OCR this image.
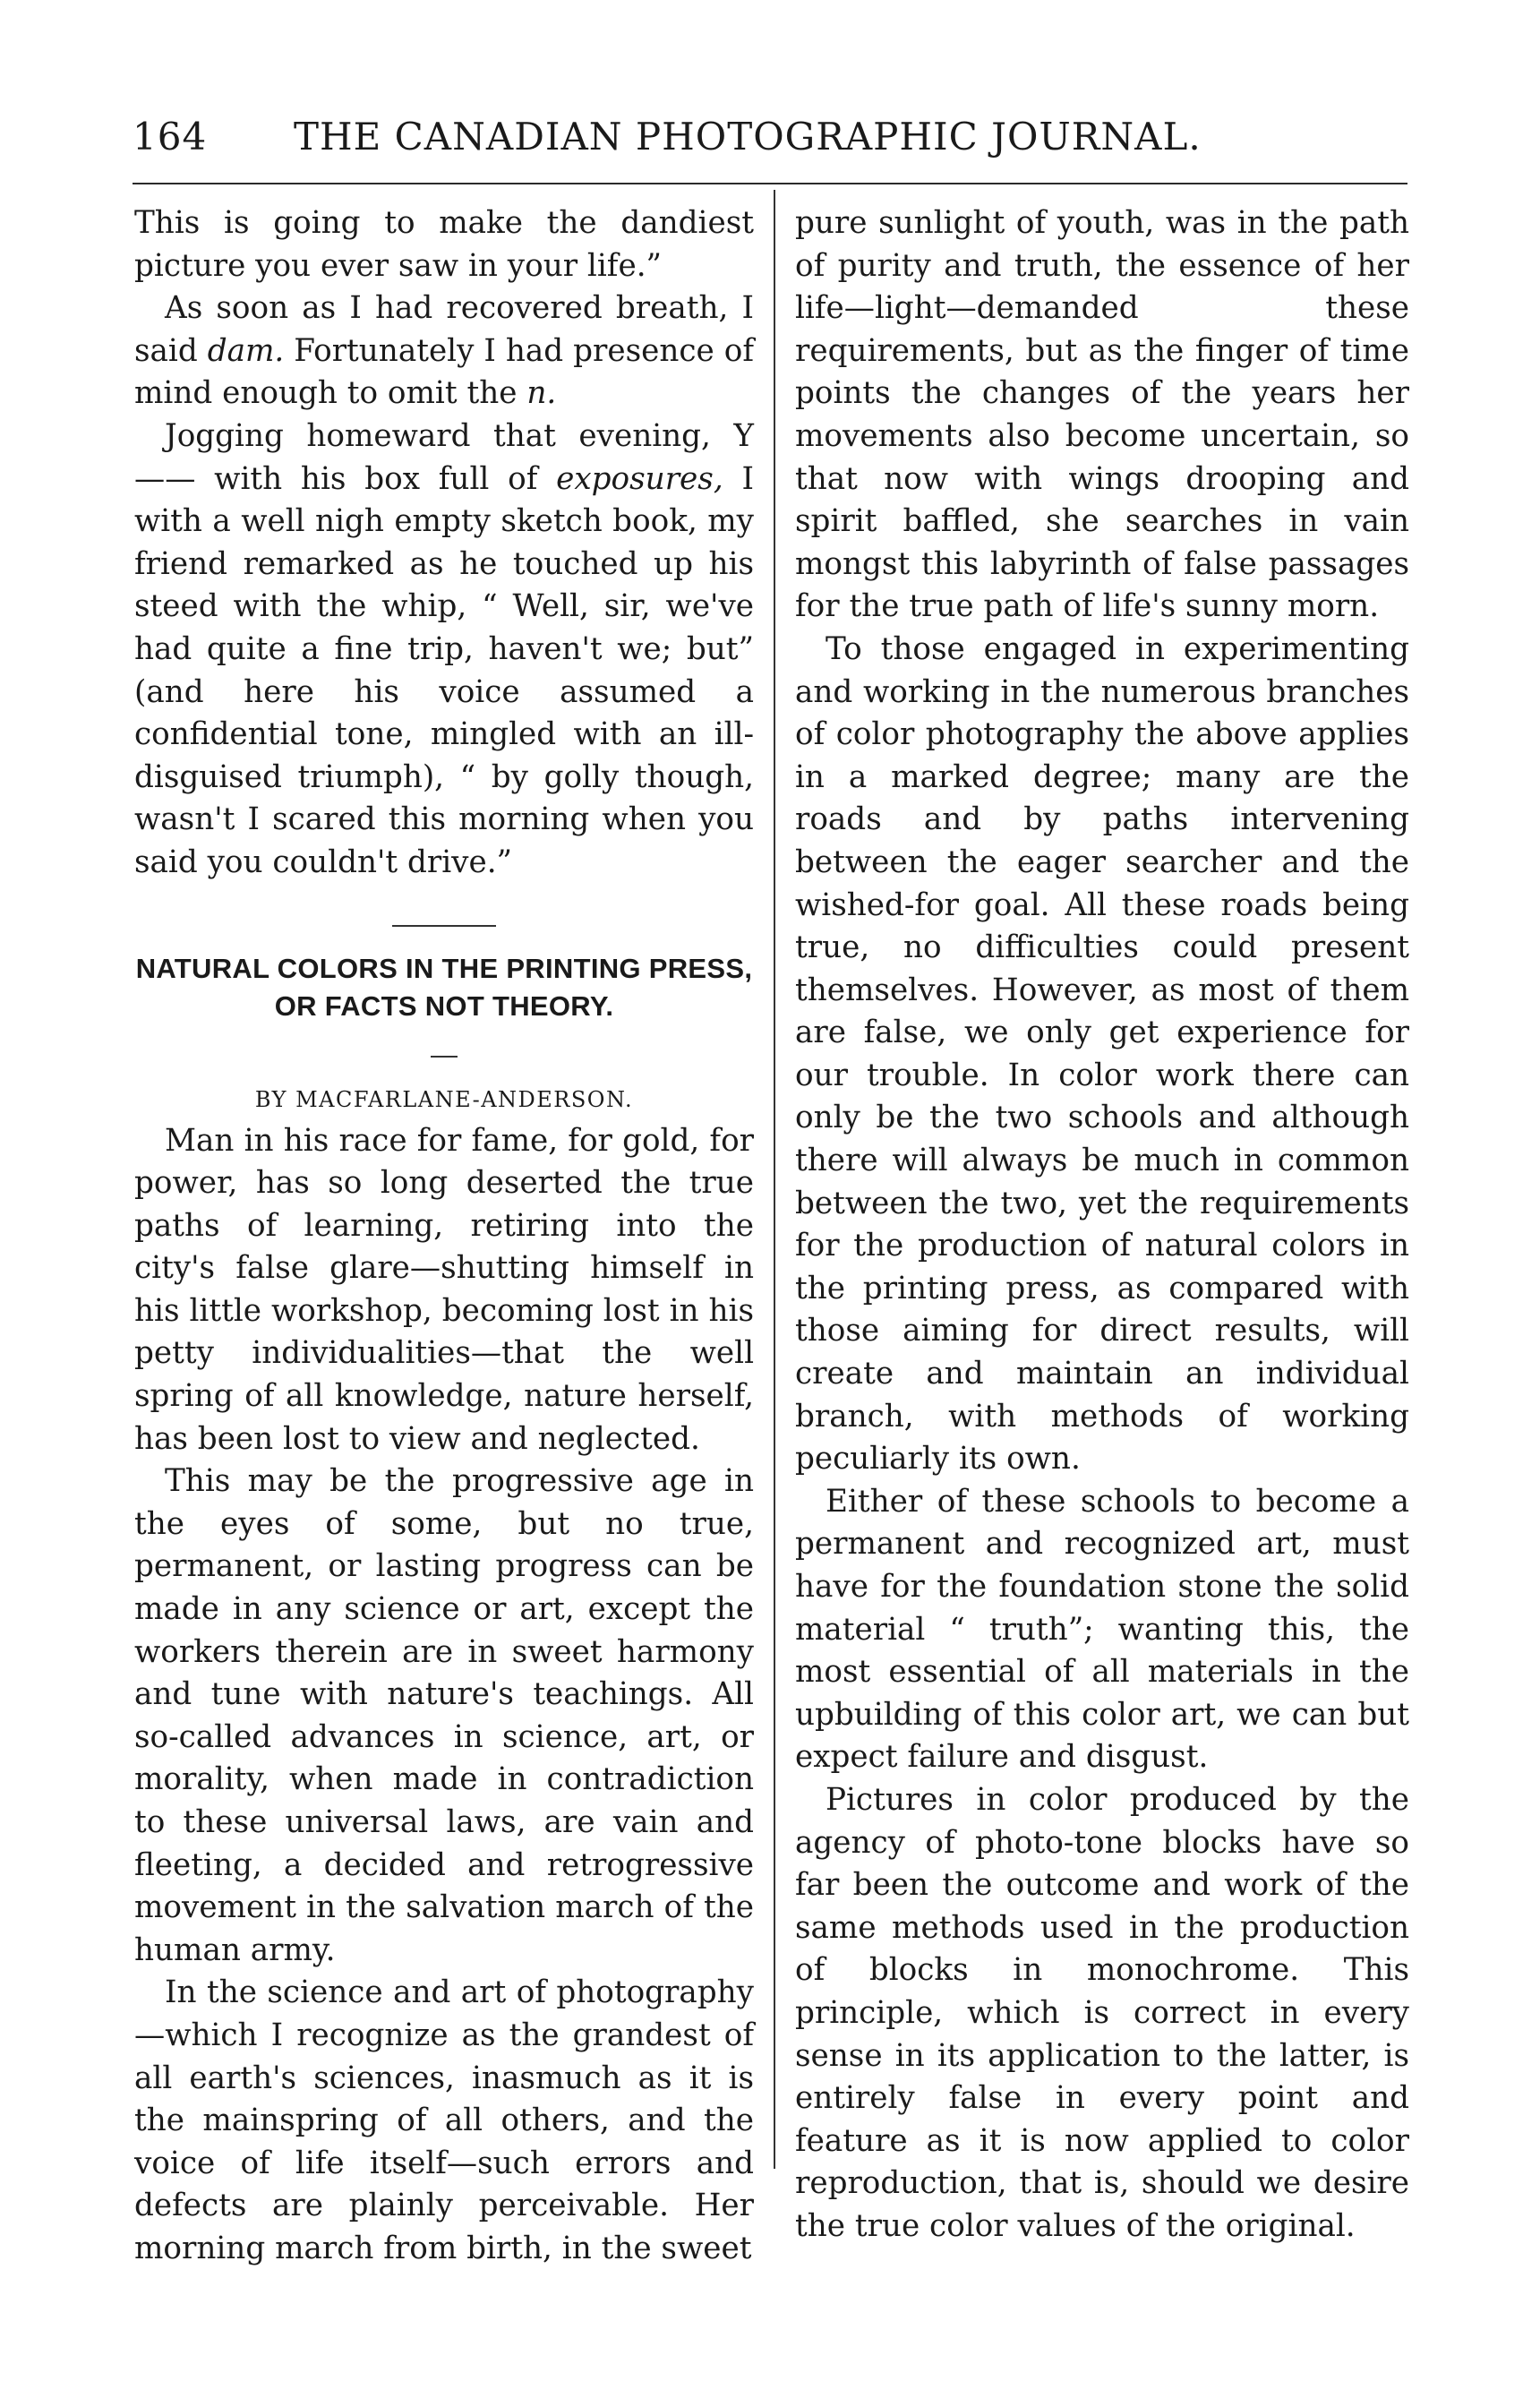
164	THE CANADIAN PHOTOGRAPHIC JOURNAL.

This is going to make the dandiest picture you ever saw in your life.”

As soon as I had recovered breath, I said dam. Fortunately I had presence of mind enough to omit the n.

Jogging homeward that evening, Y—— with his box full of exposures, I with a well nigh empty sketch book, my friend remarked as he touched up his steed with the whip, “ Well, sir, we've had quite a fine trip, haven't we; but” (and here his voice assumed a confidential tone, mingled with an ill-disguised triumph), “ by golly though, wasn't I scared this morning when you said you couldn't drive.”

NATURAL COLORS IN THE PRINTING PRESS, OR FACTS NOT THEORY.
BY MACFARLANE-ANDERSON.

Man in his race for fame, for gold, for power, has so long deserted the true paths of learning, retiring into the city's false glare—shutting himself in his little workshop, becoming lost in his petty individualities—that the well spring of all knowledge, nature herself, has been lost to view and neglected.

This may be the progressive age in the eyes of some, but no true, permanent, or lasting progress can be made in any science or art, except the workers therein are in sweet harmony and tune with nature's teachings. All so-called advances in science, art, or morality, when made in contradiction to these universal laws, are vain and fleeting, a decided and retrogressive movement in the salvation march of the human army.

In the science and art of photography —which I recognize as the grandest of all earth's sciences, inasmuch as it is the mainspring of all others, and the voice of life itself—such errors and defects are plainly perceivable. Her morning march from birth, in the sweet

pure sunlight of youth, was in the path of purity and truth, the essence of her life—light—demanded these requirements, but as the finger of time points the changes of the years her movements also become uncertain, so that now with wings drooping and spirit baffled, she searches in vain mongst this labyrinth of false passages for the true path of life's sunny morn.

To those engaged in experimenting and working in the numerous branches of color photography the above applies in a marked degree; many are the roads and by paths intervening between the eager searcher and the wished-for goal. All these roads being true, no difficulties could present themselves. However, as most of them are false, we only get experience for our trouble. In color work there can only be the two schools and although there will always be much in common between the two, yet the requirements for the production of natural colors in the printing press, as compared with those aiming for direct results, will create and maintain an individual branch, with methods of working peculiarly its own.

Either of these schools to become a permanent and recognized art, must have for the foundation stone the solid material “ truth”; wanting this, the most essential of all materials in the upbuilding of this color art, we can but expect failure and disgust.

Pictures in color produced by the agency of photo-tone blocks have so far been the outcome and work of the same methods used in the production of blocks in monochrome. This principle, which is correct in every sense in its application to the latter, is entirely false in every point and feature as it is now applied to color reproduction, that is, should we desire the true color values of the original.
